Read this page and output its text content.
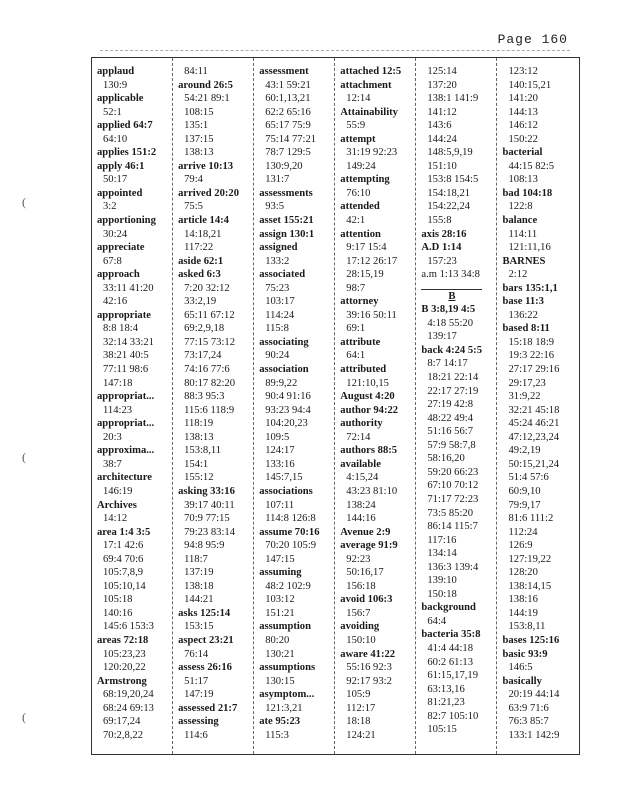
Page 160
(
(
(
applaud
130:9
applicable
52:1
applied 64:7
64:10
applies 151:2
apply 46:1
50:17
appointed
3:2
apportioning
30:24
appreciate
67:8
approach
33:11 41:20
42:16
appropriate
8:8 18:4
32:14 33:21
38:21 40:5
77:11 98:6
147:18
appropriat...
114:23
appropriat...
20:3
approxima...
38:7
architecture
146:19
Archives
14:12
area 1:4 3:5
17:1 42:6
69:4 70:6
105:7,8,9
105:10,14
105:18
140:16
145:6 153:3
areas 72:18
105:23,23
120:20,22
Armstrong
68:19,20,24
68:24 69:13
69:17,24
70:2,8,22
84:11
around 26:5
54:21 89:1
108:15
135:1
137:15
138:13
arrive 10:13
79:4
arrived 20:20
75:5
article 14:4
14:18,21
117:22
aside 62:1
asked 6:3
7:20 32:12
33:2,19
65:11 67:12
69:2,9,18
77:15 73:12
73:17,24
74:16 77:6
80:17 82:20
88:3 95:3
115:6 118:9
118:19
138:13
153:8,11
154:1
155:12
asking 33:16
39:17 40:11
70:9 77:15
79:23 83:14
94:8 95:9
118:7
137:19
138:18
144:21
asks 125:14
153:15
aspect 23:21
76:14
assess 26:16
51:17
147:19
assessed 21:7
assessing
114:6
assessment
43:1 59:21
60:1,13,21
62:2 65:16
65:17 75:9
75:14 77:21
78:7 129:5
130:9,20
131:7
assessments
93:5
asset 155:21
assign 130:1
assigned
133:2
associated
75:23
103:17
114:24
115:8
associating
90:24
association
89:9,22
90:4 91:16
93:23 94:4
104:20,23
109:5
124:17
133:16
145:7,15
associations
107:11
114:8 126:8
assume 70:16
70:20 105:9
147:15
assuming
48:2 102:9
103:12
151:21
assumption
80:20
130:21
assumptions
130:15
asymptom...
121:3,21
ate 95:23
115:3
attached 12:5
attachment
12:14
Attainability
55:9
attempt
31:19 92:23
149:24
attempting
76:10
attended
42:1
attention
9:17 15:4
17:12 26:17
28:15,19
98:7
attorney
39:16 50:11
69:1
attribute
64:1
attributed
121:10,15
August 4:20
author 94:22
authority
72:14
authors 88:5
available
4:15,24
43:23 81:10
138:24
144:16
Avenue 2:9
average 91:9
92:23
50:16,17
156:18
avoid 106:3
156:7
avoiding
150:10
aware 41:22
55:16 92:3
92:17 93:2
105:9
112:17
18:18
124:21
125:14
137:20
138:1 141:9
141:12
143:6
144:24
148:5,9,19
151:10
153:8 154:5
154:18,21
154:22,24
155:8
axis 28:16
A.D 1:14
157:23
a.m 1:13 34:8
B
B 3:8,19 4:5
4:18 55:20
139:17
back 4:24 5:5
8:7 14:17
18:21 22:14
22:17 27:19
27:19 42:8
48:22 49:4
51:16 56:7
57:9 58:7,8
58:16,20
59:20 66:23
67:10 70:12
71:17 72:23
73:5 85:20
86:14 115:7
117:16
134:14
136:3 139:4
139:10
150:18
background
64:4
bacteria 35:8
41:4 44:18
60:2 61:13
61:15,17,19
63:13,16
81:21,23
82:7 105:10
105:15
123:12
140:15,21
141:20
144:13
146:12
150:22
bacterial
44:15 82:5
108:13
bad 104:18
122:8
balance
114:11
121:11,16
BARNES
2:12
bars 135:1,1
base 11:3
136:22
based 8:11
15:18 18:9
19:3 22:16
27:17 29:16
29:17,23
31:9,22
32:21 45:18
45:24 46:21
47:12,23,24
49:2,19
50:15,21,24
51:4 57:6
60:9,10
79:9,17
81:6 111:2
112:24
126:9
127:19,22
128:20
138:14,15
138:16
144:19
153:8,11
bases 125:16
basic 93:9
146:5
basically
20:19 44:14
63:9 71:6
76:3 85:7
133:1 142:9
